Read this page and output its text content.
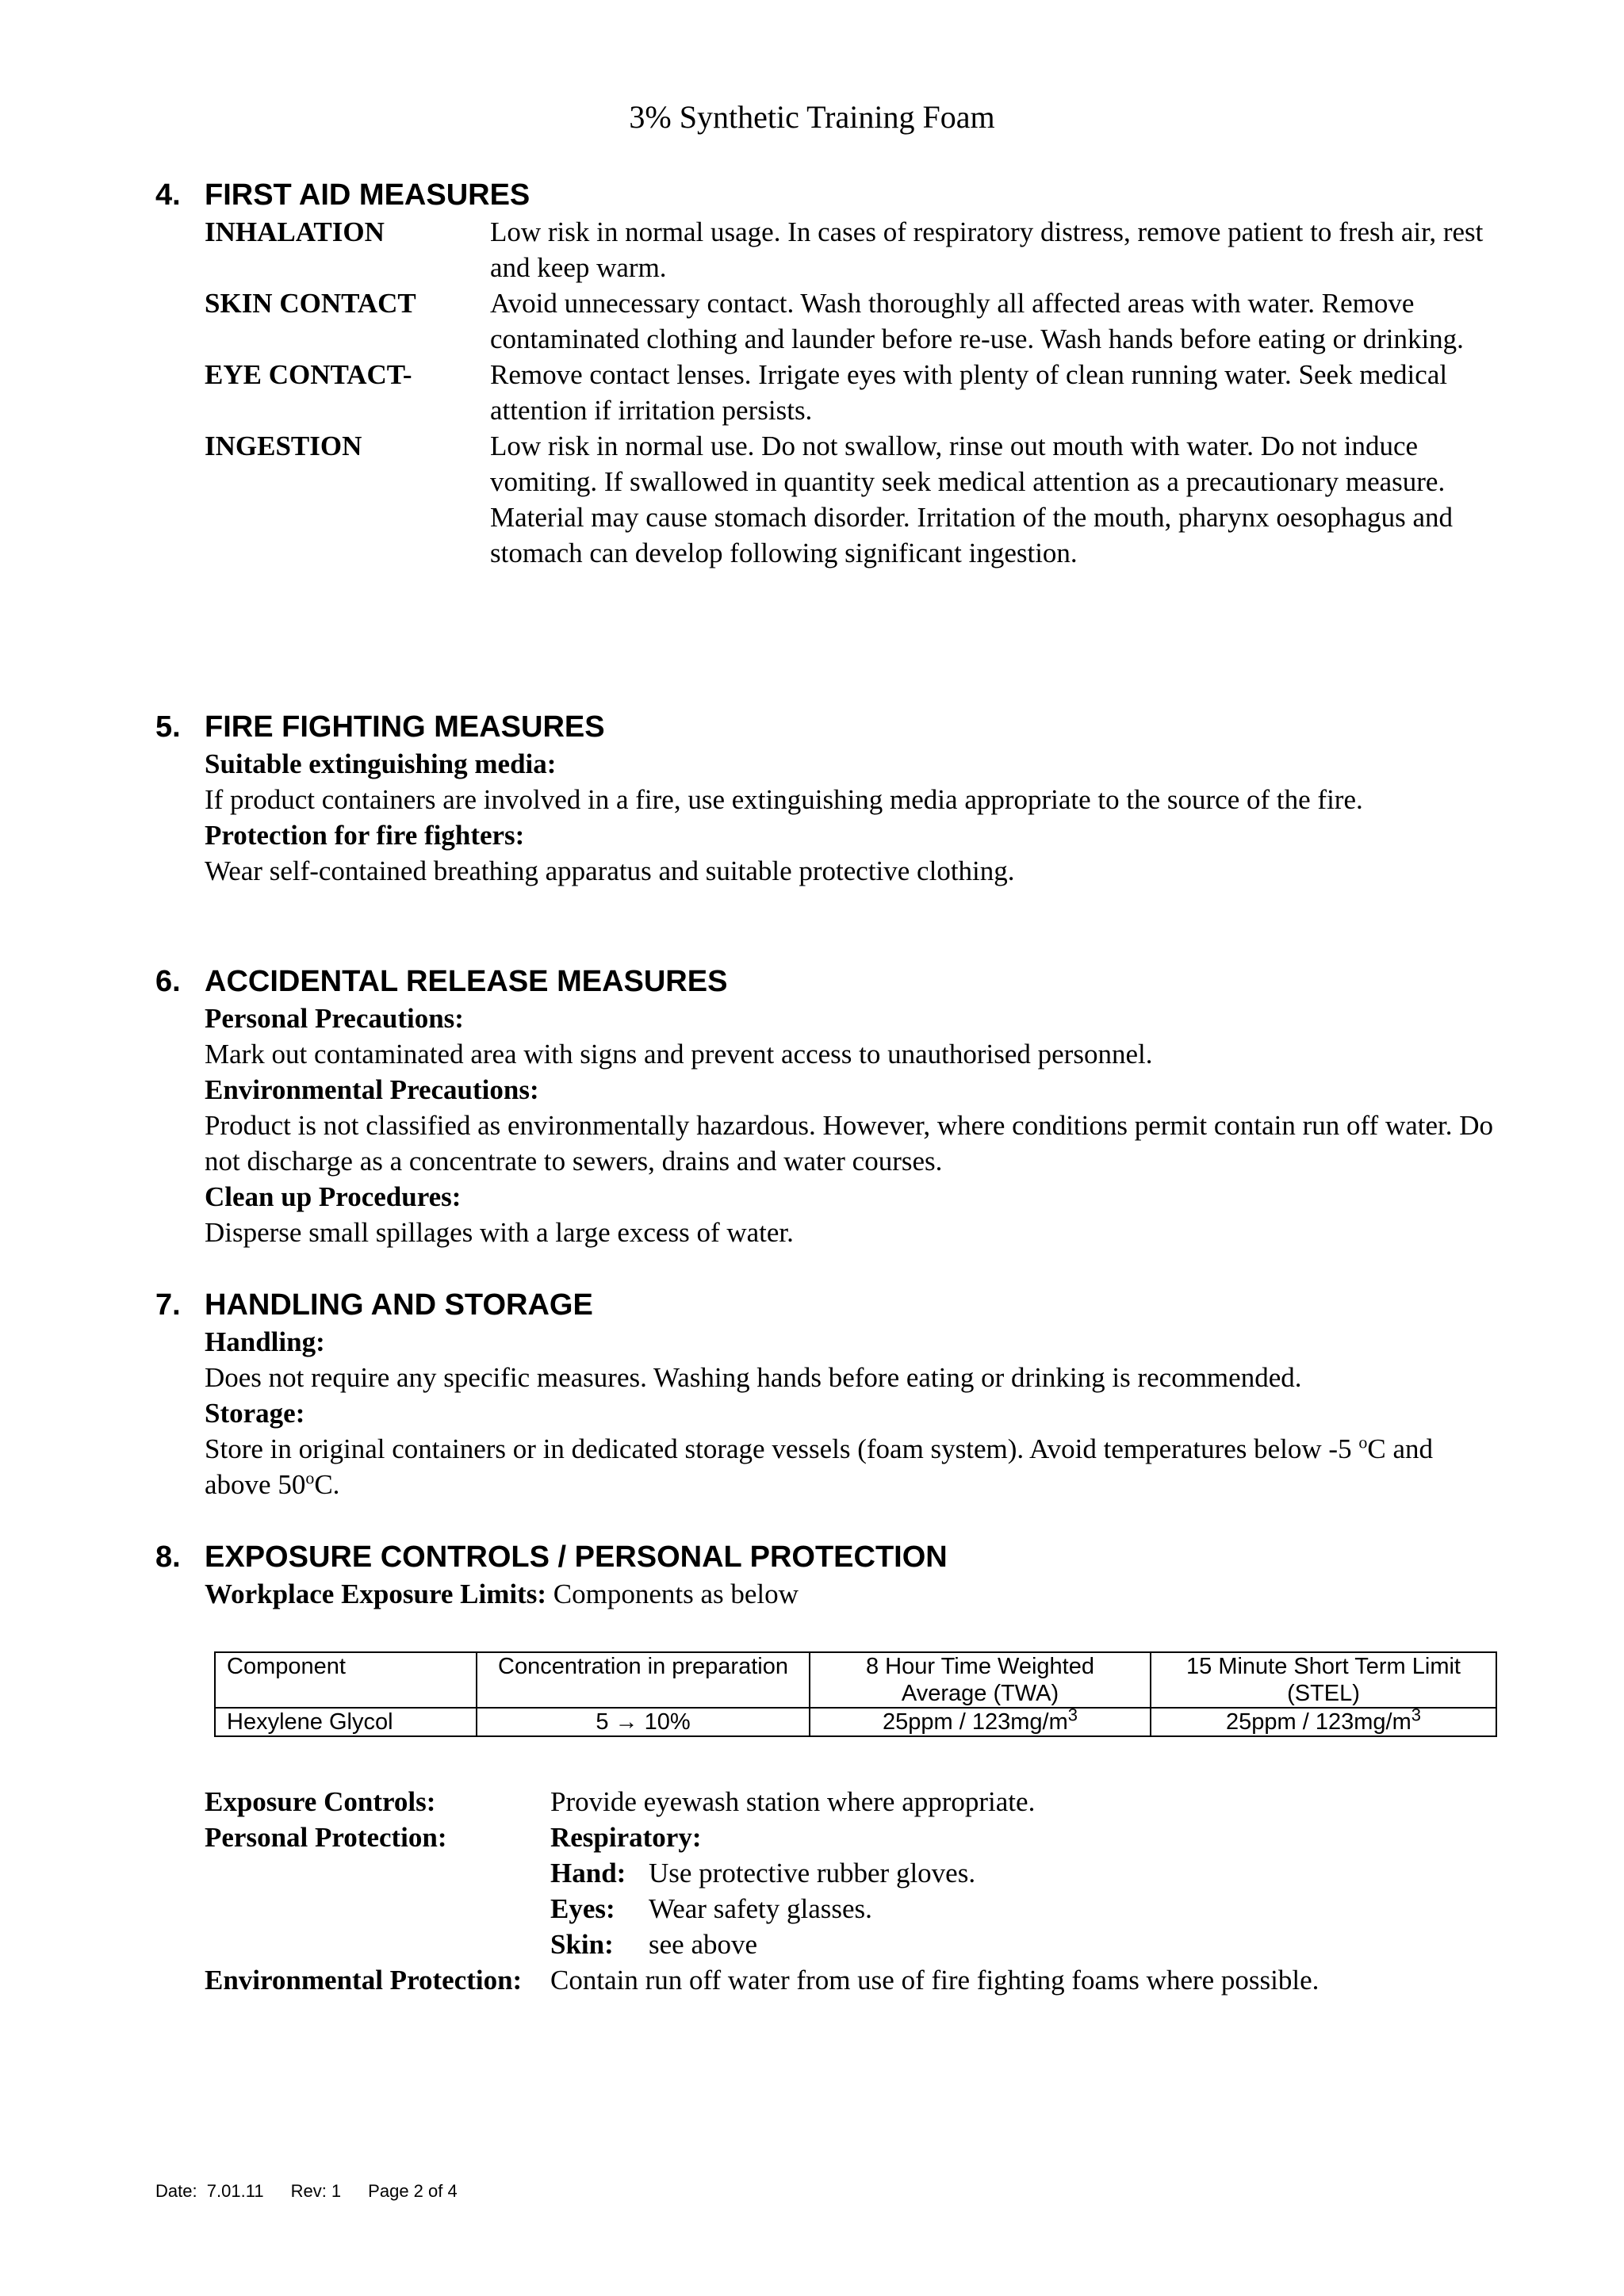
3% Synthetic Training Foam
4. FIRST AID MEASURES
INHALATION	Low risk in normal usage. In cases of respiratory distress, remove patient to fresh air, rest and keep warm.
SKIN CONTACT	Avoid unnecessary contact. Wash thoroughly all affected areas with water. Remove contaminated clothing and launder before re-use. Wash hands before eating or drinking.
EYE CONTACT-	Remove contact lenses. Irrigate eyes with plenty of clean running water. Seek medical attention if irritation persists.
INGESTION	Low risk in normal use. Do not swallow, rinse out mouth with water. Do not induce vomiting. If swallowed in quantity seek medical attention as a precautionary measure. Material may cause stomach disorder. Irritation of the mouth, pharynx oesophagus and stomach can develop following significant ingestion.
5. FIRE FIGHTING MEASURES
Suitable extinguishing media:
If product containers are involved in a fire, use extinguishing media appropriate to the source of the fire.
Protection for fire fighters:
Wear self-contained breathing apparatus and suitable protective clothing.
6. ACCIDENTAL RELEASE MEASURES
Personal Precautions:
Mark out contaminated area with signs and prevent access to unauthorised personnel.
Environmental Precautions:
Product is not classified as environmentally hazardous. However, where conditions permit contain run off water. Do not discharge as a concentrate to sewers, drains and water courses.
Clean up Procedures:
Disperse small spillages with a large excess of water.
7. HANDLING AND STORAGE
Handling:
Does not require any specific measures. Washing hands before eating or drinking is recommended.
Storage:
Store in original containers or in dedicated storage vessels (foam system). Avoid temperatures below -5 $^o$C and above 50$^o$C.
8. EXPOSURE CONTROLS / PERSONAL PROTECTION
Workplace Exposure Limits: Components as below
Component	Concentration in preparation	8 Hour Time Weighted Average (TWA)	15 Minute Short Term Limit (STEL)
Hexylene Glycol	5 → 10%	$25ppm / 123mg/m^3$	$25ppm / 123mg/m^3$
Exposure Controls:	Provide eyewash station where appropriate.
Personal Protection:	Respiratory:
Hand: Use protective rubber gloves.
Eyes:	Wear safety glasses.
Skin:	see above
Environmental Protection:	Contain run off water from use of fire fighting foams where possible.
Date:  7.01.11 Rev: 1 Page 2 of 4
